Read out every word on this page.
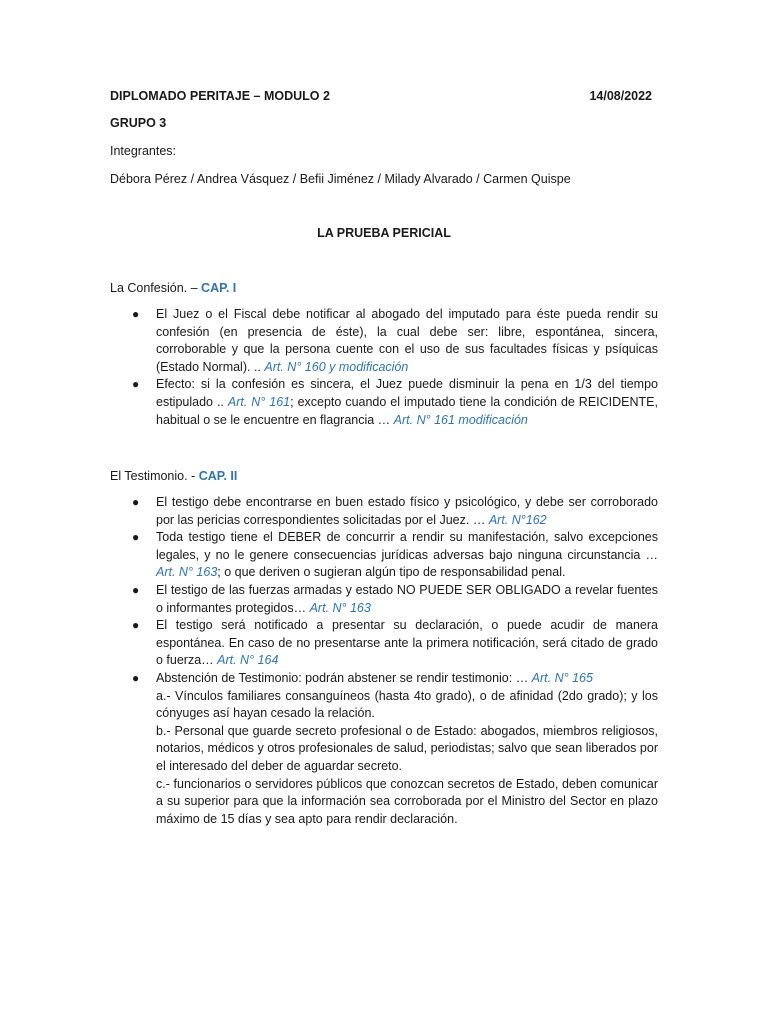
DIPLOMADO PERITAJE – MODULO 2	14/08/2022
GRUPO 3
Integrantes:
Débora Pérez / Andrea Vásquez / Befii Jiménez / Milady Alvarado / Carmen Quispe
LA PRUEBA PERICIAL
La Confesión. – CAP. I
● El Juez o el Fiscal debe notificar al abogado del imputado para éste pueda rendir su confesión (en presencia de éste), la cual debe ser: libre, espontánea, sincera, corroborable y que la persona cuente con el uso de sus facultades físicas y psíquicas (Estado Normal). .. Art. N° 160 y modificación
● Efecto: si la confesión es sincera, el Juez puede disminuir la pena en 1/3 del tiempo estipulado .. Art. N° 161; excepto cuando el imputado tiene la condición de REICIDENTE, habitual o se le encuentre en flagrancia … Art. N° 161 modificación
El Testimonio. - CAP. II
● El testigo debe encontrarse en buen estado físico y psicológico, y debe ser corroborado por las pericias correspondientes solicitadas por el Juez. … Art. N°162
● Toda testigo tiene el DEBER de concurrir a rendir su manifestación, salvo excepciones legales, y no le genere consecuencias jurídicas adversas bajo ninguna circunstancia … Art. N° 163; o que deriven o sugieran algún tipo de responsabilidad penal.
● El testigo de las fuerzas armadas y estado NO PUEDE SER OBLIGADO a revelar fuentes o informantes protegidos… Art. N° 163
● El testigo será notificado a presentar su declaración, o puede acudir de manera espontánea. En caso de no presentarse ante la primera notificación, será citado de grado o fuerza… Art. N° 164
● Abstención de Testimonio: podrán abstener se rendir testimonio: … Art. N° 165
a.- Vínculos familiares consanguíneos (hasta 4to grado), o de afinidad (2do grado); y los cónyuges así hayan cesado la relación.
b.- Personal que guarde secreto profesional o de Estado: abogados, miembros religiosos, notarios, médicos y otros profesionales de salud, periodistas; salvo que sean liberados por el interesado del deber de aguardar secreto.
c.- funcionarios o servidores públicos que conozcan secretos de Estado, deben comunicar a su superior para que la información sea corroborada por el Ministro del Sector en plazo máximo de 15 días y sea apto para rendir declaración.
